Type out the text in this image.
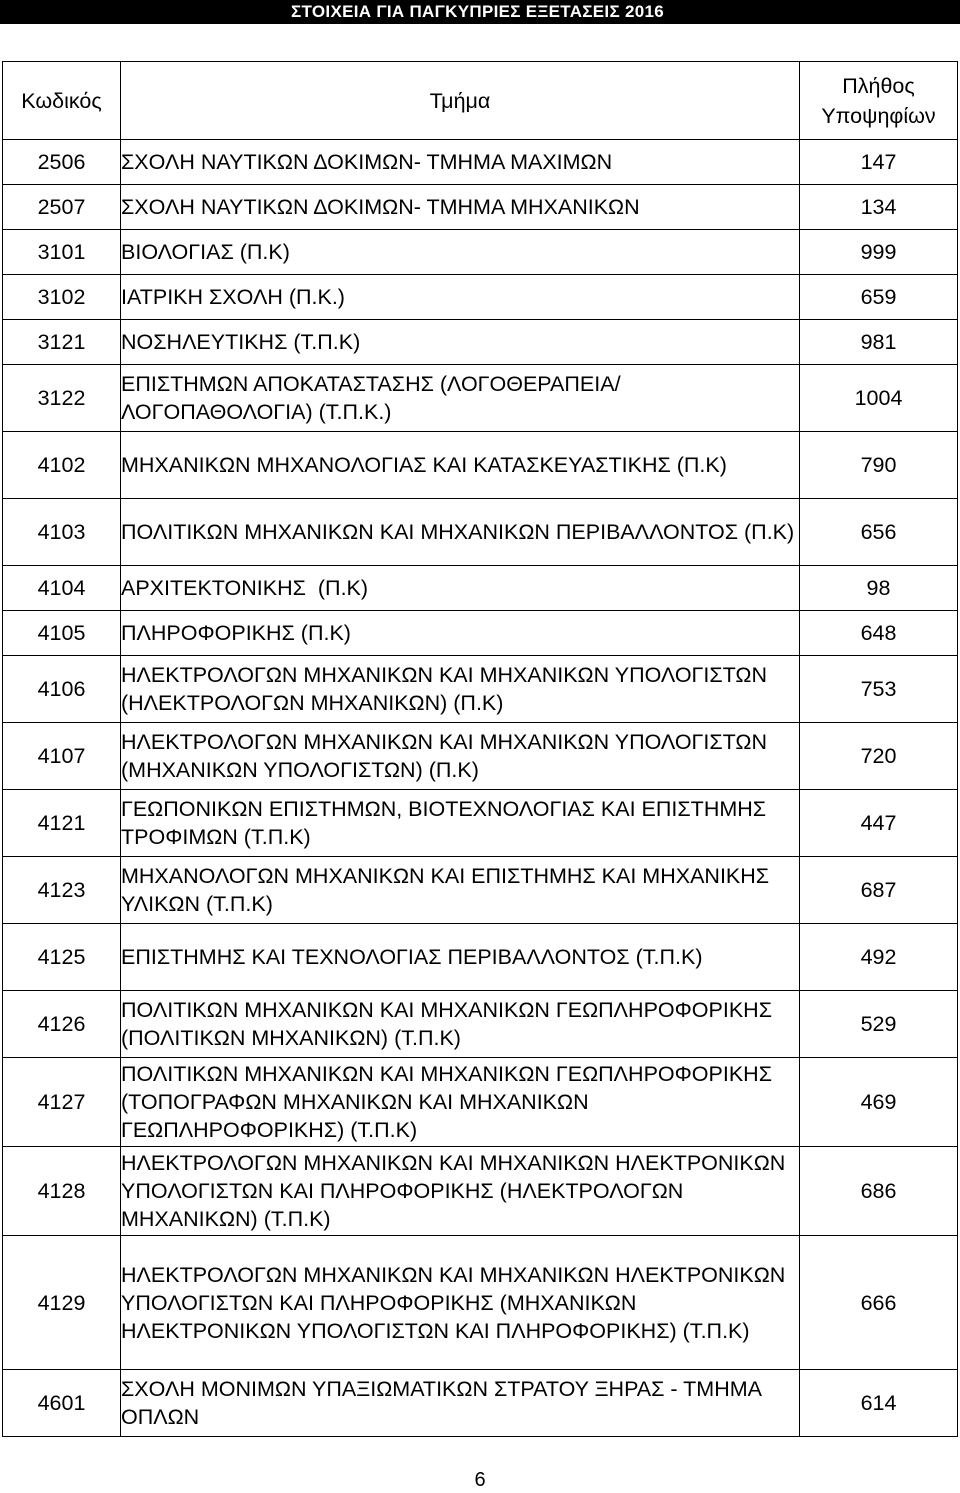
ΣΤΟΙΧΕΙΑ ΓΙΑ ΠΑΓΚΥΠΡΙΕΣ ΕΞΕΤΑΣΕΙΣ 2016
Κωδικός	Τμήμα	Πλήθος Υποψηφίων
2506	ΣΧΟΛΗ ΝΑΥΤΙΚΩΝ ΔΟΚΙΜΩΝ- ΤΜΗΜΑ ΜΑΧΙΜΩΝ	147
2507	ΣΧΟΛΗ ΝΑΥΤΙΚΩΝ ΔΟΚΙΜΩΝ- ΤΜΗΜΑ ΜΗΧΑΝΙΚΩΝ	134
3101	ΒΙΟΛΟΓΙΑΣ (Π.Κ)	999
3102	ΙΑΤΡΙΚΗ ΣΧΟΛΗ (Π.Κ.)	659
3121	ΝΟΣΗΛΕΥΤΙΚΗΣ (Τ.Π.Κ)	981
3122	ΕΠΙΣΤΗΜΩΝ ΑΠΟΚΑΤΑΣΤΑΣΗΣ (ΛΟΓΟΘΕΡΑΠΕΙΑ/ΛΟΓΟΠΑΘΟΛΟΓΙΑ) (Τ.Π.Κ.)	1004
4102	ΜΗΧΑΝΙΚΩΝ ΜΗΧΑΝΟΛΟΓΙΑΣ ΚΑΙ ΚΑΤΑΣΚΕΥΑΣΤΙΚΗΣ (Π.Κ)	790
4103	ΠΟΛΙΤΙΚΩΝ ΜΗΧΑΝΙΚΩΝ ΚΑΙ ΜΗΧΑΝΙΚΩΝ ΠΕΡΙΒΑΛΛΟΝΤΟΣ (Π.Κ)	656
4104	ΑΡΧΙΤΕΚΤΟΝΙΚΗΣ  (Π.Κ)	98
4105	ΠΛΗΡΟΦΟΡΙΚΗΣ (Π.Κ)	648
4106	ΗΛΕΚΤΡΟΛΟΓΩΝ ΜΗΧΑΝΙΚΩΝ ΚΑΙ ΜΗΧΑΝΙΚΩΝ ΥΠΟΛΟΓΙΣΤΩΝ (ΗΛΕΚΤΡΟΛΟΓΩΝ ΜΗΧΑΝΙΚΩΝ) (Π.Κ)	753
4107	ΗΛΕΚΤΡΟΛΟΓΩΝ ΜΗΧΑΝΙΚΩΝ ΚΑΙ ΜΗΧΑΝΙΚΩΝ ΥΠΟΛΟΓΙΣΤΩΝ (ΜΗΧΑΝΙΚΩΝ ΥΠΟΛΟΓΙΣΤΩΝ) (Π.Κ)	720
4121	ΓΕΩΠΟΝΙΚΩΝ ΕΠΙΣΤΗΜΩΝ, ΒΙΟΤΕΧΝΟΛΟΓΙΑΣ ΚΑΙ ΕΠΙΣΤΗΜΗΣ ΤΡΟΦΙΜΩΝ (Τ.Π.Κ)	447
4123	ΜΗΧΑΝΟΛΟΓΩΝ ΜΗΧΑΝΙΚΩΝ ΚΑΙ ΕΠΙΣΤΗΜΗΣ ΚΑΙ ΜΗΧΑΝΙΚΗΣ ΥΛΙΚΩΝ (Τ.Π.Κ)	687
4125	ΕΠΙΣΤΗΜΗΣ ΚΑΙ ΤΕΧΝΟΛΟΓΙΑΣ ΠΕΡΙΒΑΛΛΟΝΤΟΣ (Τ.Π.Κ)	492
4126	ΠΟΛΙΤΙΚΩΝ ΜΗΧΑΝΙΚΩΝ ΚΑΙ ΜΗΧΑΝΙΚΩΝ ΓΕΩΠΛΗΡΟΦΟΡΙΚΗΣ (ΠΟΛΙΤΙΚΩΝ ΜΗΧΑΝΙΚΩΝ) (Τ.Π.Κ)	529
4127	ΠΟΛΙΤΙΚΩΝ ΜΗΧΑΝΙΚΩΝ ΚΑΙ ΜΗΧΑΝΙΚΩΝ ΓΕΩΠΛΗΡΟΦΟΡΙΚΗΣ (ΤΟΠΟΓΡΑΦΩΝ ΜΗΧΑΝΙΚΩΝ ΚΑΙ ΜΗΧΑΝΙΚΩΝ ΓΕΩΠΛΗΡΟΦΟΡΙΚΗΣ) (Τ.Π.Κ)	469
4128	ΗΛΕΚΤΡΟΛΟΓΩΝ ΜΗΧΑΝΙΚΩΝ ΚΑΙ ΜΗΧΑΝΙΚΩΝ ΗΛΕΚΤΡΟΝΙΚΩΝ ΥΠΟΛΟΓΙΣΤΩΝ ΚΑΙ ΠΛΗΡΟΦΟΡΙΚΗΣ (ΗΛΕΚΤΡΟΛΟΓΩΝ ΜΗΧΑΝΙΚΩΝ) (Τ.Π.Κ)	686
4129	ΗΛΕΚΤΡΟΛΟΓΩΝ ΜΗΧΑΝΙΚΩΝ ΚΑΙ ΜΗΧΑΝΙΚΩΝ ΗΛΕΚΤΡΟΝΙΚΩΝ ΥΠΟΛΟΓΙΣΤΩΝ ΚΑΙ ΠΛΗΡΟΦΟΡΙΚΗΣ (ΜΗΧΑΝΙΚΩΝ ΗΛΕΚΤΡΟΝΙΚΩΝ ΥΠΟΛΟΓΙΣΤΩΝ ΚΑΙ ΠΛΗΡΟΦΟΡΙΚΗΣ) (Τ.Π.Κ)	666
4601	ΣΧΟΛΗ ΜΟΝΙΜΩΝ ΥΠΑΞΙΩΜΑΤΙΚΩΝ ΣΤΡΑΤΟΥ ΞΗΡΑΣ - ΤΜΗΜΑ ΟΠΛΩΝ	614
6
